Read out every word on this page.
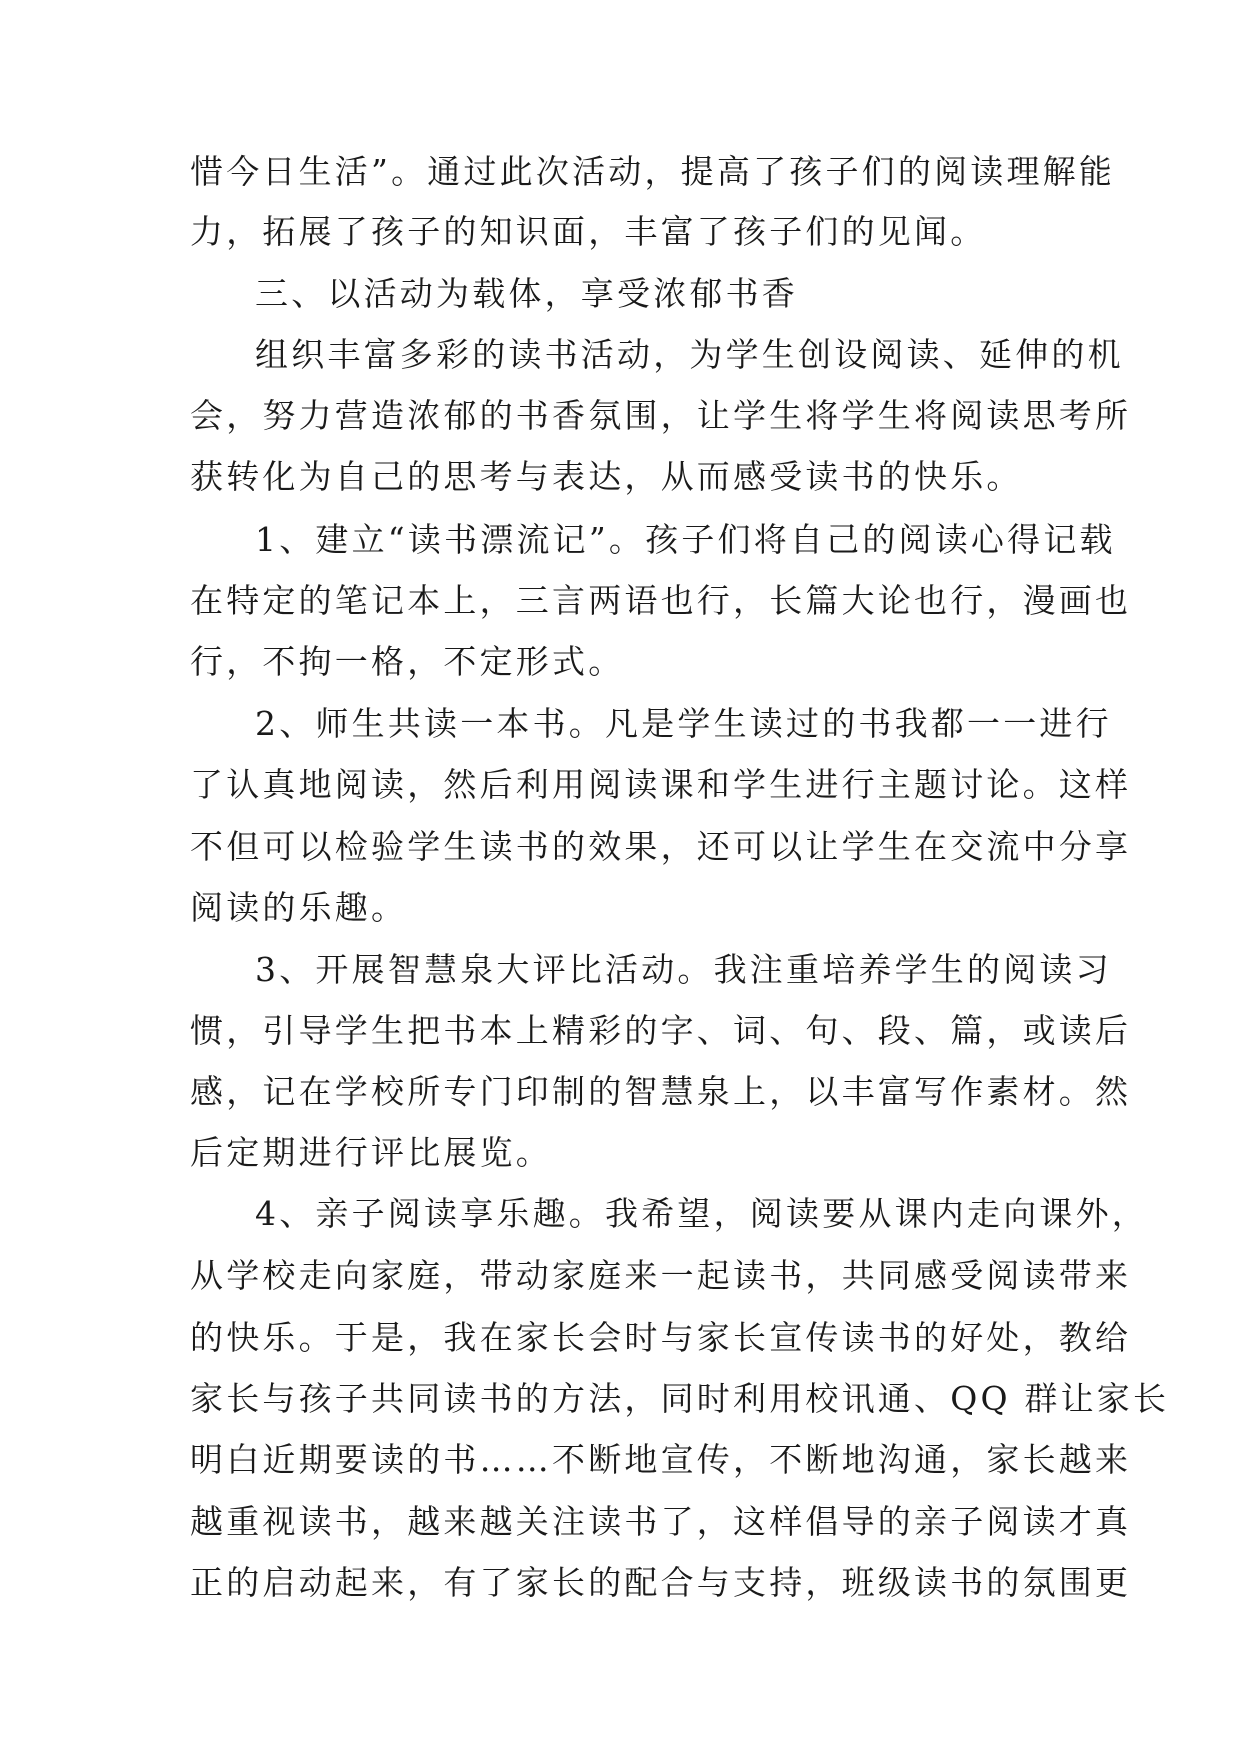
惜今日生活”。通过此次活动，提高了孩子们的阅读理解能
力，拓展了孩子的知识面，丰富了孩子们的见闻。
三、以活动为载体，享受浓郁书香
组织丰富多彩的读书活动，为学生创设阅读、延伸的机
会，努力营造浓郁的书香氛围，让学生将学生将阅读思考所
获转化为自己的思考与表达，从而感受读书的快乐。
1、建立“读书漂流记”。孩子们将自己的阅读心得记载
在特定的笔记本上，三言两语也行，长篇大论也行，漫画也
行，不拘一格，不定形式。
2、师生共读一本书。凡是学生读过的书我都一一进行
了认真地阅读，然后利用阅读课和学生进行主题讨论。这样
不但可以检验学生读书的效果，还可以让学生在交流中分享
阅读的乐趣。
3、开展智慧泉大评比活动。我注重培养学生的阅读习
惯，引导学生把书本上精彩的字、词、句、段、篇，或读后
感，记在学校所专门印制的智慧泉上，以丰富写作素材。然
后定期进行评比展览。
4、亲子阅读享乐趣。我希望，阅读要从课内走向课外，
从学校走向家庭，带动家庭来一起读书，共同感受阅读带来
的快乐。于是，我在家长会时与家长宣传读书的好处，教给
家长与孩子共同读书的方法，同时利用校讯通、QQ 群让家长
明白近期要读的书……不断地宣传，不断地沟通，家长越来
越重视读书，越来越关注读书了，这样倡导的亲子阅读才真
正的启动起来，有了家长的配合与支持，班级读书的氛围更
